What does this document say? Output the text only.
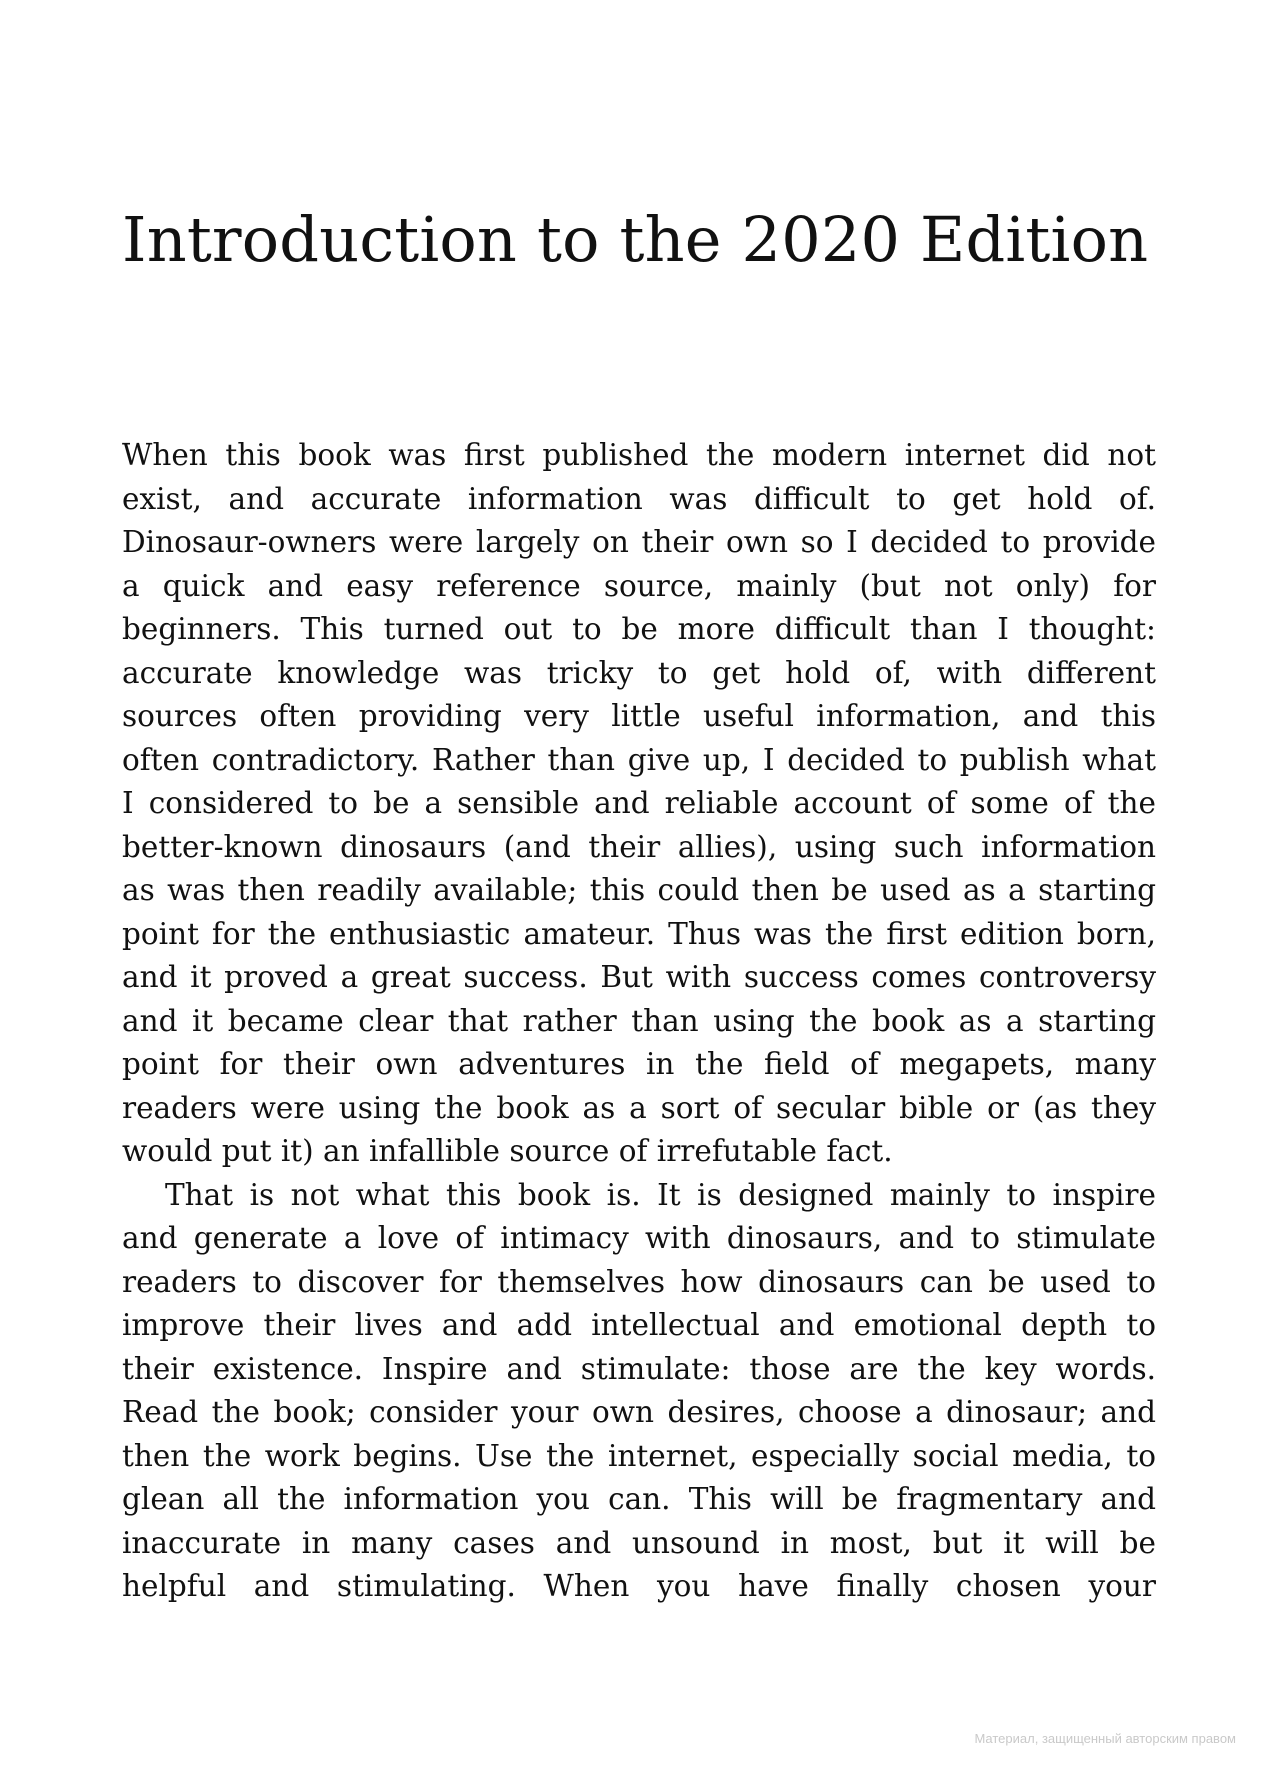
Introduction to the 2020 Edition
When this book was first published the modern internet did not
exist, and accurate information was difficult to get hold of.
Dinosaur-owners were largely on their own so I decided to provide
a quick and easy reference source, mainly (but not only) for
beginners. This turned out to be more difficult than I thought:
accurate knowledge was tricky to get hold of, with different
sources often providing very little useful information, and this
often contradictory. Rather than give up, I decided to publish what
I considered to be a sensible and reliable account of some of the
better-known dinosaurs (and their allies), using such information
as was then readily available; this could then be used as a starting
point for the enthusiastic amateur. Thus was the first edition born,
and it proved a great success. But with success comes controversy
and it became clear that rather than using the book as a starting
point for their own adventures in the field of megapets, many
readers were using the book as a sort of secular bible or (as they
would put it) an infallible source of irrefutable fact.
That is not what this book is. It is designed mainly to inspire
and generate a love of intimacy with dinosaurs, and to stimulate
readers to discover for themselves how dinosaurs can be used to
improve their lives and add intellectual and emotional depth to
their existence. Inspire and stimulate: those are the key words.
Read the book; consider your own desires, choose a dinosaur; and
then the work begins. Use the internet, especially social media, to
glean all the information you can. This will be fragmentary and
inaccurate in many cases and unsound in most, but it will be
helpful and stimulating. When you have finally chosen your
Материал, защищенный авторским правом
